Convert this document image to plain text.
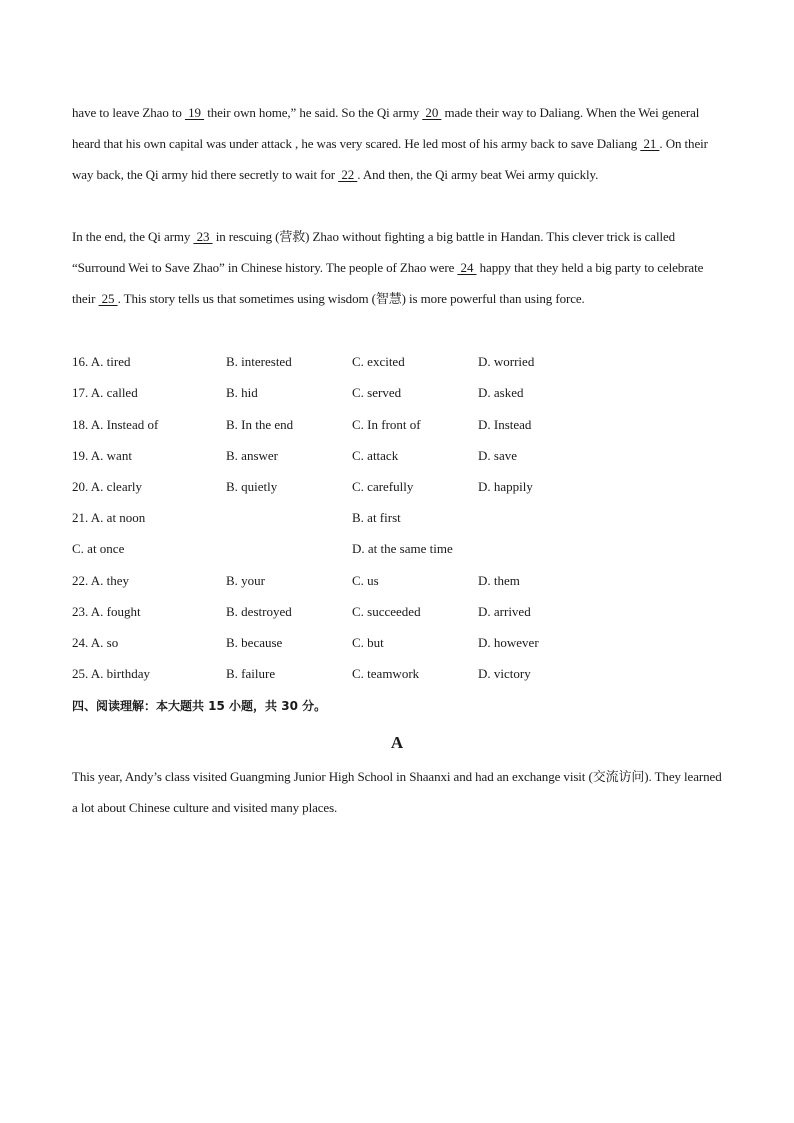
have to leave Zhao to  19  their own home,” he said. So the Qi army  20  made their way to Daliang. When the Wei general heard that his own capital was under attack , he was very scared. He led most of his army back to save Daliang  21 . On their way back, the Qi army hid there secretly to wait for  22 . And then, the Qi army beat Wei army quickly.
In the end, the Qi army  23  in rescuing (营救) Zhao without fighting a big battle in Handan. This clever trick is called “Surround Wei to Save Zhao” in Chinese history. The people of Zhao were  24  happy that they held a big party to celebrate their  25 . This story tells us that sometimes using wisdom (智慧) is more powerful than using force.
16. A. tired	B. interested	C. excited	D. worried
17. A. called	B. hid	C. served	D. asked
18. A. Instead of	B. In the end	C. In front of	D. Instead
19. A. want	B. answer	C. attack	D. save
20. A. clearly	B. quietly	C. carefully	D. happily
21. A. at noon	B. at first
C. at once	D. at the same time
22. A. they	B. your	C. us	D. them
23. A. fought	B. destroyed	C. succeeded	D. arrived
24. A. so	B. because	C. but	D. however
25. A. birthday	B. failure	C. teamwork	D. victory
四、阅读理解：本大题共 15 小题，共 30 分。
A
This year, Andy’s class visited Guangming Junior High School in Shaanxi and had an exchange visit (交流访问). They learned a lot about Chinese culture and visited many places.
